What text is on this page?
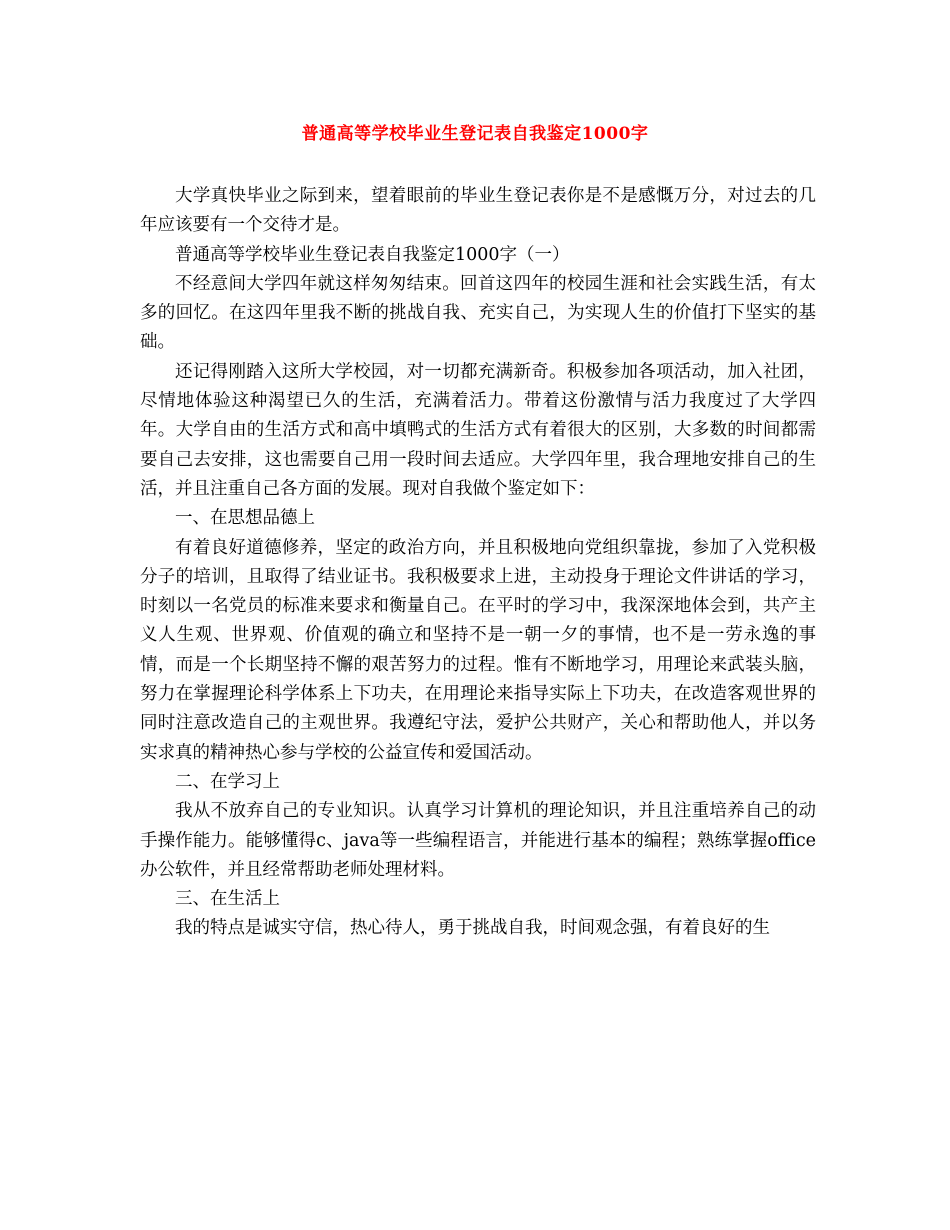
普通高等学校毕业生登记表自我鉴定1000字

大学真快毕业之际到来，望着眼前的毕业生登记表你是不是感慨万分，对过去的几年应该要有一个交待才是。

普通高等学校毕业生登记表自我鉴定1000字（一）

不经意间大学四年就这样匆匆结束。回首这四年的校园生涯和社会实践生活，有太多的回忆。在这四年里我不断的挑战自我、充实自己，为实现人生的价值打下坚实的基础。

还记得刚踏入这所大学校园，对一切都充满新奇。积极参加各项活动，加入社团，尽情地体验这种渴望已久的生活，充满着活力。带着这份激情与活力我度过了大学四年。大学自由的生活方式和高中填鸭式的生活方式有着很大的区别，大多数的时间都需要自己去安排，这也需要自己用一段时间去适应。大学四年里，我合理地安排自己的生活，并且注重自己各方面的发展。现对自我做个鉴定如下：

一、在思想品德上

有着良好道德修养，坚定的政治方向，并且积极地向党组织靠拢，参加了入党积极分子的培训，且取得了结业证书。我积极要求上进，主动投身于理论文件讲话的学习，时刻以一名党员的标准来要求和衡量自己。在平时的学习中，我深深地体会到，共产主义人生观、世界观、价值观的确立和坚持不是一朝一夕的事情，也不是一劳永逸的事情，而是一个长期坚持不懈的艰苦努力的过程。惟有不断地学习，用理论来武装头脑，努力在掌握理论科学体系上下功夫，在用理论来指导实际上下功夫，在改造客观世界的同时注意改造自己的主观世界。我遵纪守法，爱护公共财产，关心和帮助他人，并以务实求真的精神热心参与学校的公益宣传和爱国活动。

二、在学习上

我从不放弃自己的专业知识。认真学习计算机的理论知识，并且注重培养自己的动手操作能力。能够懂得c、java等一些编程语言，并能进行基本的编程；熟练掌握office办公软件，并且经常帮助老师处理材料。

三、在生活上

我的特点是诚实守信，热心待人，勇于挑战自我，时间观念强，有着良好的生
